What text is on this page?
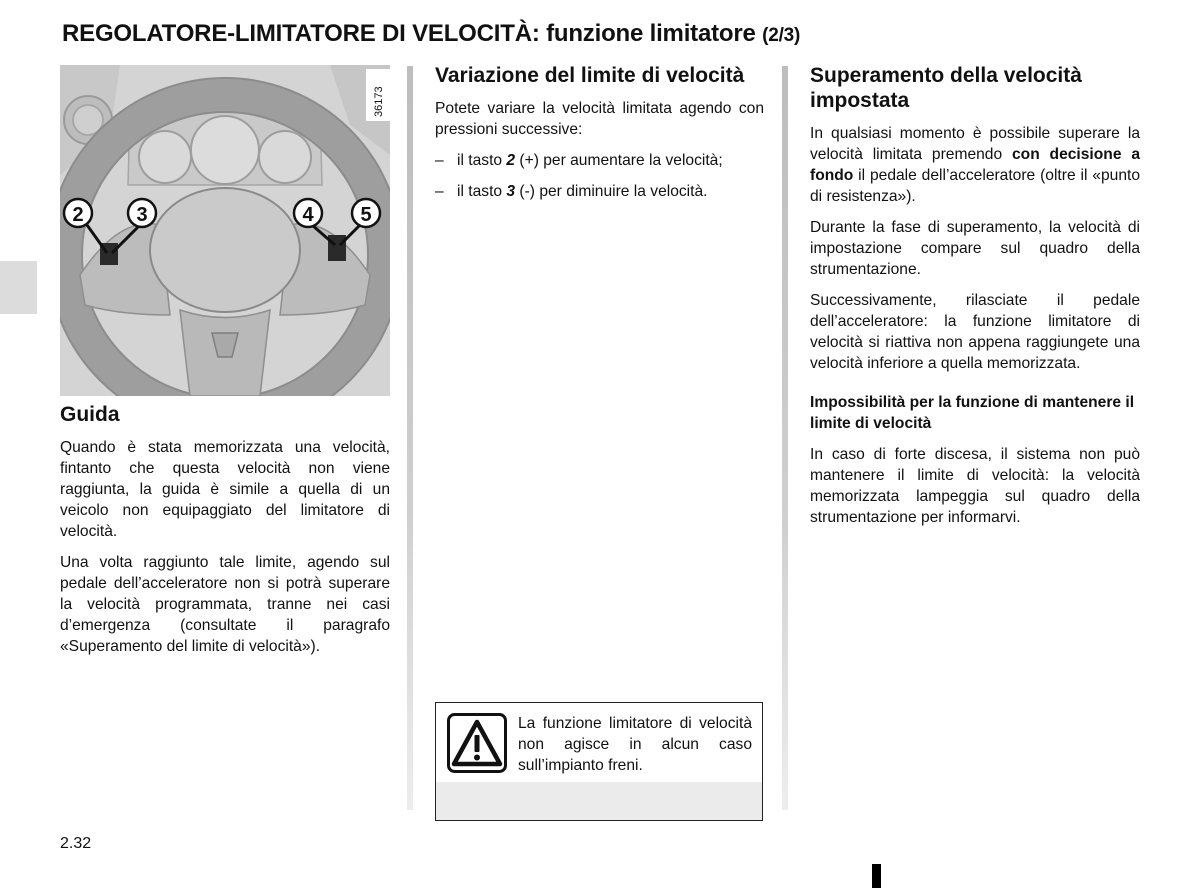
REGOLATORE-LIMITATORE DI VELOCITÀ: funzione limitatore (2/3)
2	3	4 5
36173
Guida

Quando è stata memorizzata una velocità, fintanto che questa velocità non viene raggiunta, la guida è simile a quella di un veicolo non equipaggiato del limitatore di velocità.

Una volta raggiunto tale limite, agendo sul pedale dell’acceleratore non si potrà superare la velocità programmata, tranne nei casi d’emergenza (consultate il paragrafo «Superamento del limite di velocità»).

Variazione del limite di velocità

Potete variare la velocità limitata agendo con pressioni successive:

– il tasto 2 (+) per aumentare la velocità;
– il tasto 3 (-) per diminuire la velocità.
Superamento della velocità impostata

In qualsiasi momento è possibile superare la velocità limitata premendo con decisione a fondo il pedale dell’acceleratore (oltre il «punto di resistenza»).

Durante la fase di superamento, la velocità di impostazione compare sul quadro della strumentazione.

Successivamente, rilasciate il pedale dell’acceleratore: la funzione limitatore di velocità si riattiva non appena raggiungete una velocità inferiore a quella memorizzata.

Impossibilità per la funzione di mantenere il limite di velocità

In caso di forte discesa, il sistema non può mantenere il limite di velocità: la velocità memorizzata lampeggia sul quadro della strumentazione per informarvi.

La funzione limitatore di velocità non agisce in alcun caso sull’impianto freni.
2.32
